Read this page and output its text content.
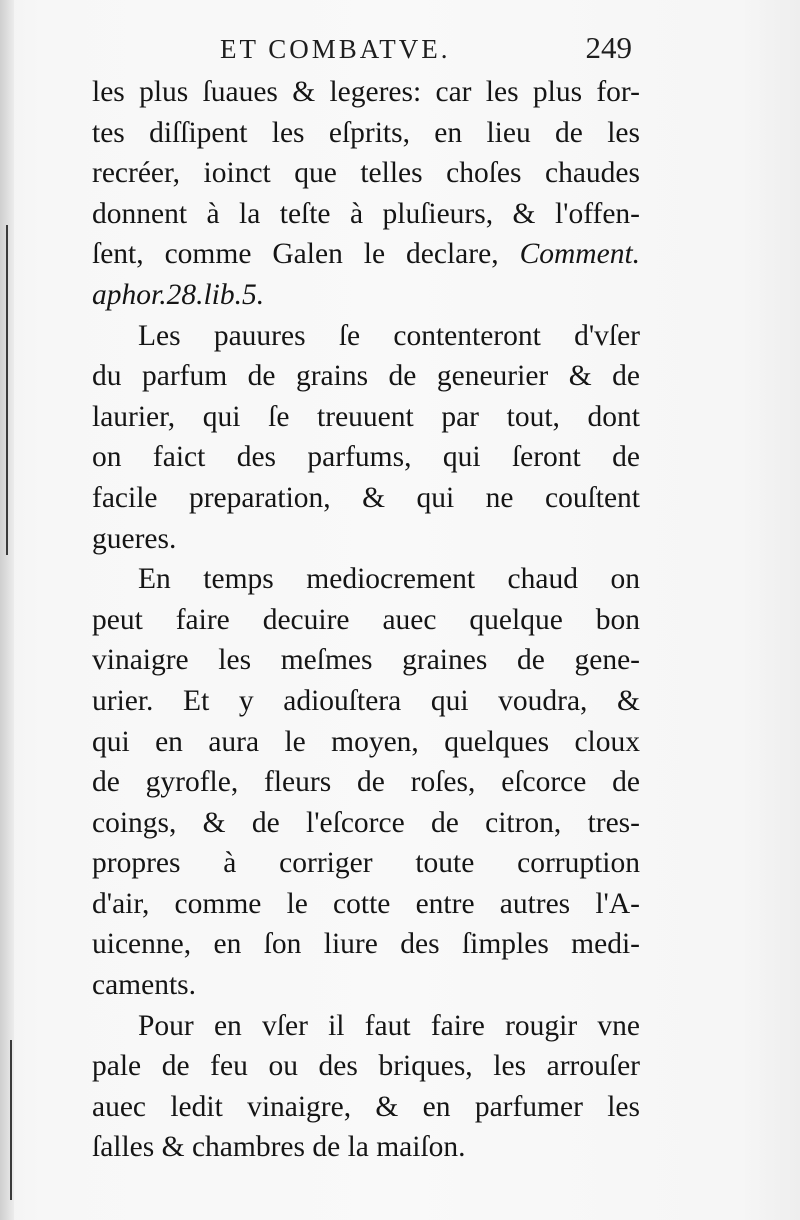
ET COMBATVE.	249
les plus ſuaues & legeres: car les plus for-
tes diſſipent les eſprits, en lieu de les
recréer, ioinct que telles choſes chaudes
donnent à la teſte à pluſieurs, & l'offen-
ſent, comme Galen le declare, Comment.
aphor.28.lib.5.
Les pauures ſe contenteront d'vſer
du parfum de grains de geneurier & de
laurier, qui ſe treuuent par tout, dont
on faict des parfums, qui ſeront de
facile preparation, & qui ne couſtent
gueres.
En temps mediocrement chaud on
peut faire decuire auec quelque bon
vinaigre les meſmes graines de gene-
urier. Et y adiouſtera qui voudra, &
qui en aura le moyen, quelques cloux
de gyrofle, fleurs de roſes, eſcorce de
coings, & de l'eſcorce de citron, tres-
propres à corriger toute corruption
d'air, comme le cotte entre autres l'A-
uicenne, en ſon liure des ſimples medi-
caments.
Pour en vſer il faut faire rougir vne
pale de feu ou des briques, les arrouſer
auec ledit vinaigre, & en parfumer les
ſalles & chambres de la maiſon.
